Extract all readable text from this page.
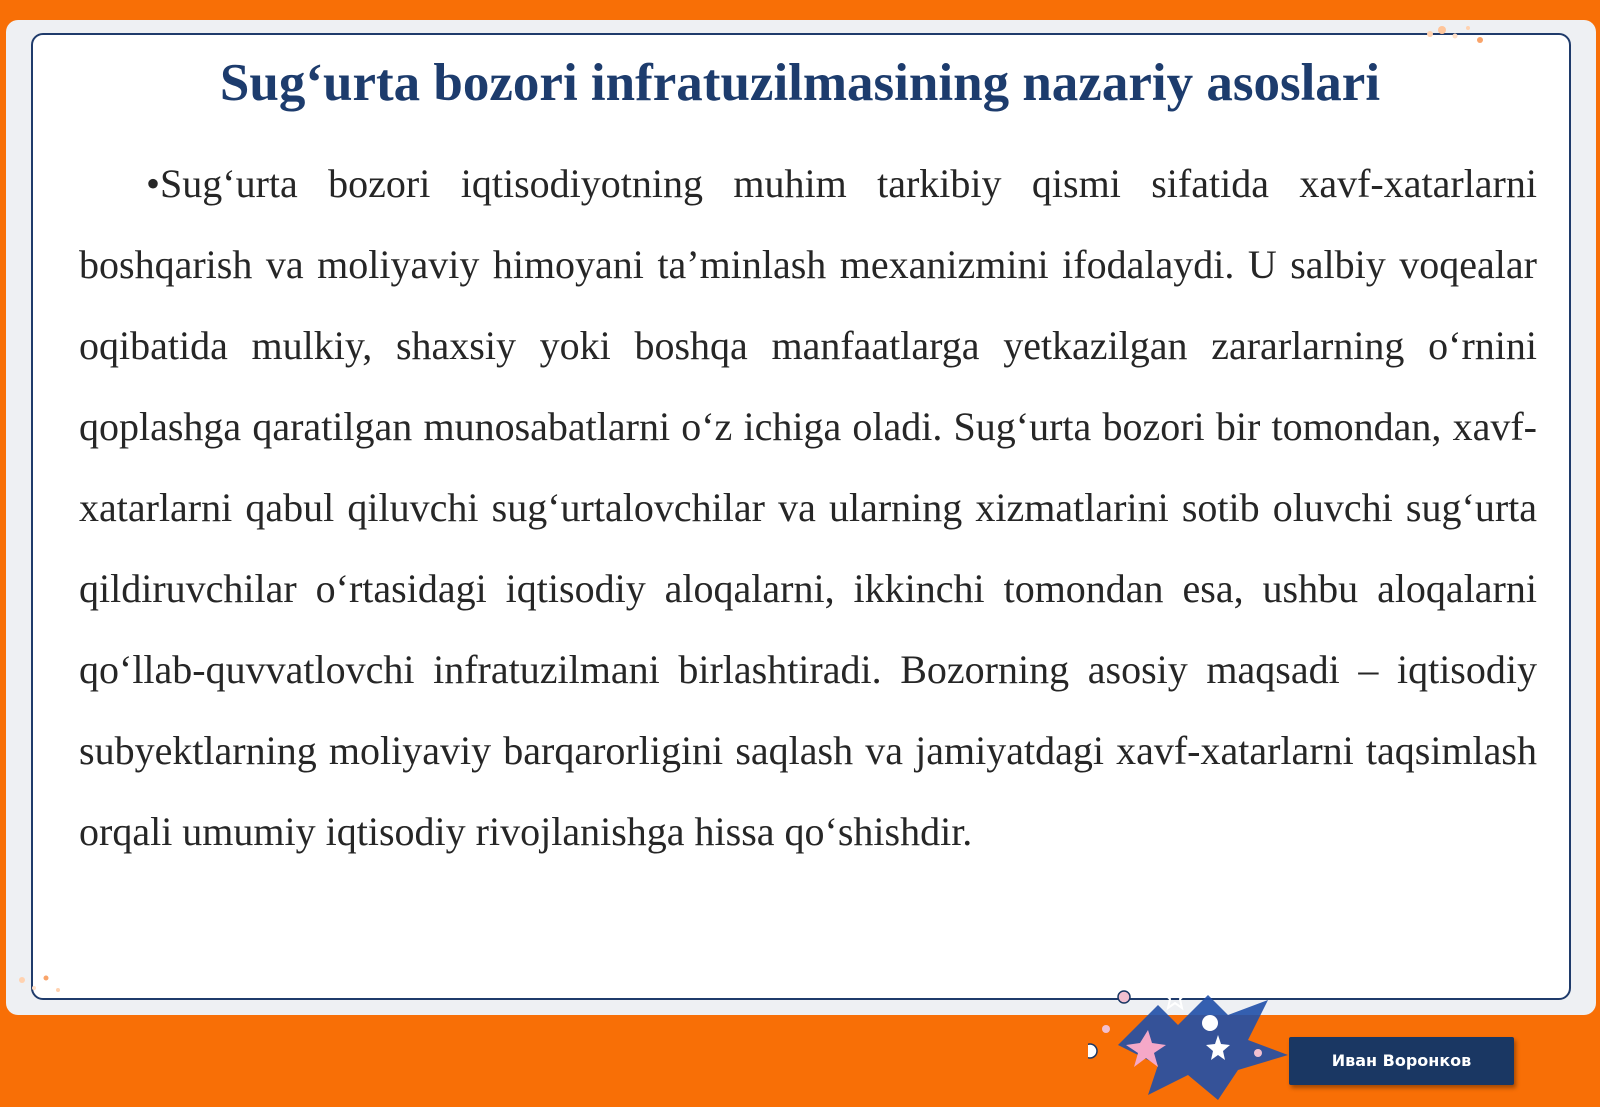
Sug‘urta bozori infratuzilmasining nazariy asoslari

•Sug‘urta bozori iqtisodiyotning muhim tarkibiy qismi sifatida xavf-xatarlarni boshqarish va moliyaviy himoyani ta’minlash mexanizmini ifodalaydi. U salbiy voqealar oqibatida mulkiy, shaxsiy yoki boshqa manfaatlarga yetkazilgan zararlarning o‘rnini qoplashga qaratilgan munosabatlarni o‘z ichiga oladi. Sug‘urta bozori bir tomondan, xavf-xatarlarni qabul qiluvchi sug‘urtalovchilar va ularning xizmatlarini sotib oluvchi sug‘urta qildiruvchilar o‘rtasidagi iqtisodiy aloqalarni, ikkinchi tomondan esa, ushbu aloqalarni qo‘llab-quvvatlovchi infratuzilmani birlashtiradi. Bozorning asosiy maqsadi – iqtisodiy subyektlarning moliyaviy barqarorligini saqlash va jamiyatdagi xavf-xatarlarni taqsimlash orqali umumiy iqtisodiy rivojlanishga hissa qo‘shishdir.

Иван Воронков
